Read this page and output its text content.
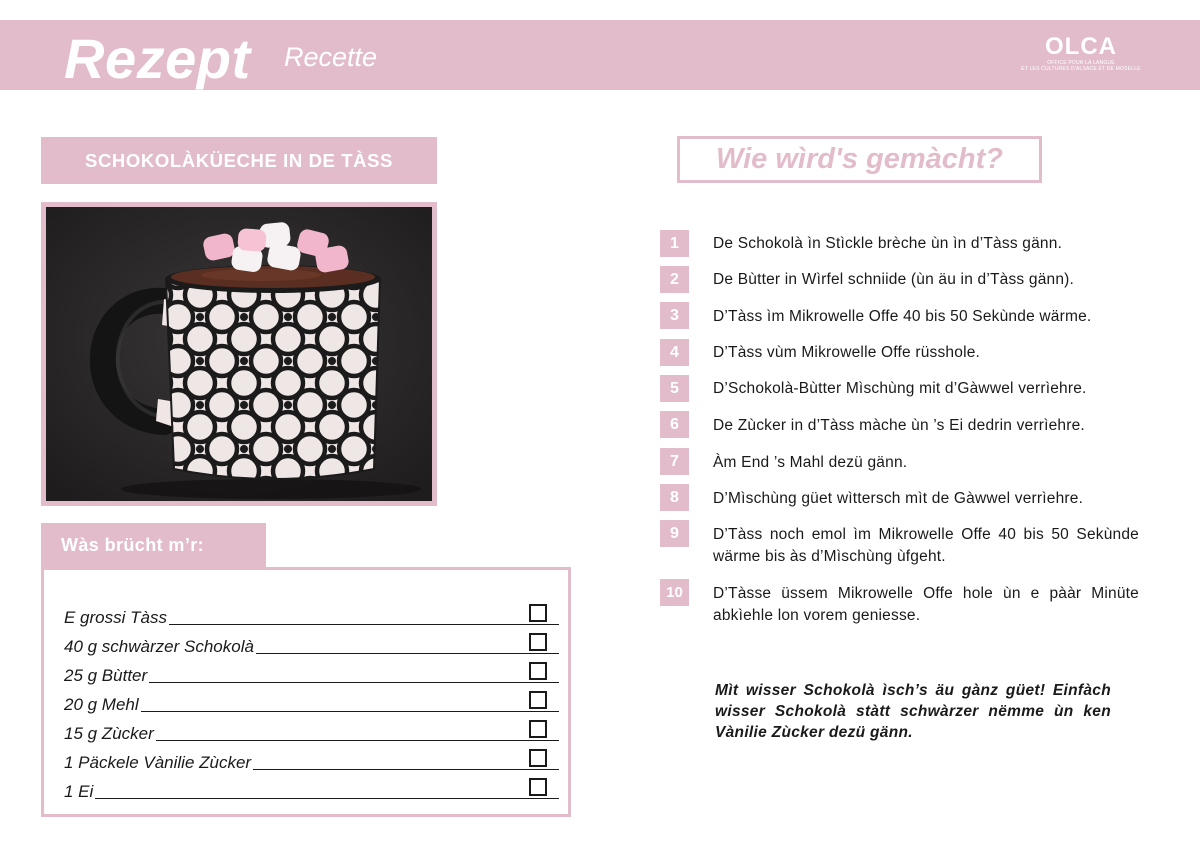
Rezept Recette	OLCA
OFFICE POUR LA LANGUE
ET LES CULTURES D'ALSACE ET DE MOSELLE
SCHOKOLÀKÜECHE IN DE TÀSS
Wàs brücht m’r:
E grossi Tàss
40 g schwàrzer Schokolà
25 g Bùtter
20 g Mehl
15 g Zùcker
1 Päckele Vànilie Zùcker
1 Ei
Wie wìrd's gemàcht?
1	De Schokolà ìn Stìckle brèche ùn ìn d’Tàss gänn.
2	De Bùtter in Wìrfel schniide (ùn äu in d’Tàss gänn).
3	D’Tàss ìm Mikrowelle Offe 40 bis 50 Sekùnde wärme.
4	D’Tàss vùm Mikrowelle Offe rüsshole.
5	D’Schokolà-Bùtter Mìschùng mit d’Gàwwel verrìehre.
6	De Zùcker in d’Tàss màche ùn ’s Ei dedrin verrìehre.
7	Àm End ’s Mahl dezü gänn.
8	D’Mìschùng güet wìttersch mìt de Gàwwel verrìehre.
9	D’Tàss noch emol ìm Mikrowelle Offe 40 bis 50 Sekùnde wärme bis às d’Mìschùng ùfgeht.
10	D’Tàsse üssem Mikrowelle Offe hole ùn e pààr Minüte abkìehle lon vorem geniesse.
Mìt wisser Schokolà ìsch’s äu gànz güet! Einfàch wisser Schokolà stàtt schwàrzer nëmme ùn ken Vànilie Zùcker dezü gänn.
